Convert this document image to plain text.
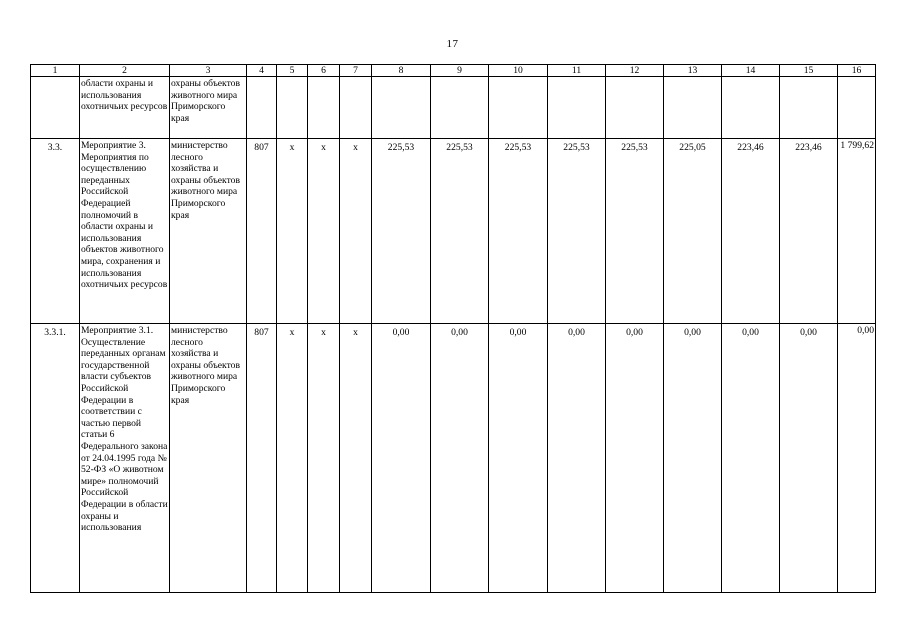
17
1	2	3	4	5	6	7	8	9	10	11	12	13	14	15	16
	области охраны и использования охотничьих ресурсов	охраны объектов животного мира Приморского края													
3.3.	Мероприятие 3. Мероприятия по осуществлению переданных Российской Федерацией полномочий в области охраны и использования объектов животного мира, сохранения и использования охотничьих ресурсов	министерство лесного хозяйства и охраны объектов животного мира Приморского края	807	x	x	x	225,53	225,53	225,53	225,53	225,53	225,05	223,46	223,46	1 799,62
3.3.1.	Мероприятие 3.1. Осуществление переданных органам государственной власти субъектов Российской Федерации в соответствии с частью первой статьи 6 Федерального закона от 24.04.1995 года № 52-ФЗ «О животном мире» полномочий Российской Федерации в области охраны и использования	министерство лесного хозяйства и охраны объектов животного мира Приморского края	807	x	x	x	0,00	0,00	0,00	0,00	0,00	0,00	0,00	0,00	0,00
